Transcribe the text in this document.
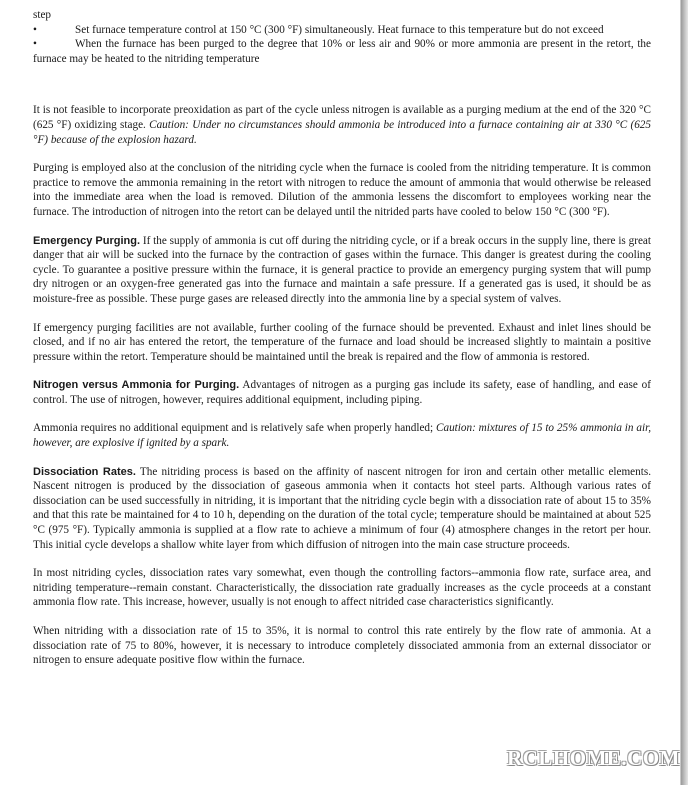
step

•	Set furnace temperature control at 150 °C (300 °F) simultaneously. Heat furnace to this temperature but do not exceed

•	When the furnace has been purged to the degree that 10% or less air and 90% or more ammonia are present in the retort, the furnace may be heated to the nitriding temperature

It is not feasible to incorporate preoxidation as part of the cycle unless nitrogen is available as a purging medium at the end of the 320 °C (625 °F) oxidizing stage. Caution: Under no circumstances should ammonia be introduced into a furnace containing air at 330 °C (625 °F) because of the explosion hazard.

Purging is employed also at the conclusion of the nitriding cycle when the furnace is cooled from the nitriding temperature. It is common practice to remove the ammonia remaining in the retort with nitrogen to reduce the amount of ammonia that would otherwise be released into the immediate area when the load is removed. Dilution of the ammonia lessens the discomfort to employees working near the furnace. The introduction of nitrogen into the retort can be delayed until the nitrided parts have cooled to below 150 °C (300 °F).

Emergency Purging. If the supply of ammonia is cut off during the nitriding cycle, or if a break occurs in the supply line, there is great danger that air will be sucked into the furnace by the contraction of gases within the furnace. This danger is greatest during the cooling cycle. To guarantee a positive pressure within the furnace, it is general practice to provide an emergency purging system that will pump dry nitrogen or an oxygen-free generated gas into the furnace and maintain a safe pressure. If a generated gas is used, it should be as moisture-free as possible. These purge gases are released directly into the ammonia line by a special system of valves.

If emergency purging facilities are not available, further cooling of the furnace should be prevented. Exhaust and inlet lines should be closed, and if no air has entered the retort, the temperature of the furnace and load should be increased slightly to maintain a positive pressure within the retort. Temperature should be maintained until the break is repaired and the flow of ammonia is restored.

Nitrogen versus Ammonia for Purging. Advantages of nitrogen as a purging gas include its safety, ease of handling, and ease of control. The use of nitrogen, however, requires additional equipment, including piping.

Ammonia requires no additional equipment and is relatively safe when properly handled; Caution: mixtures of 15 to 25% ammonia in air, however, are explosive if ignited by a spark.

Dissociation Rates. The nitriding process is based on the affinity of nascent nitrogen for iron and certain other metallic elements. Nascent nitrogen is produced by the dissociation of gaseous ammonia when it contacts hot steel parts. Although various rates of dissociation can be used successfully in nitriding, it is important that the nitriding cycle begin with a dissociation rate of about 15 to 35% and that this rate be maintained for 4 to 10 h, depending on the duration of the total cycle; temperature should be maintained at about 525 °C (975 °F). Typically ammonia is supplied at a flow rate to achieve a minimum of four (4) atmosphere changes in the retort per hour. This initial cycle develops a shallow white layer from which diffusion of nitrogen into the main case structure proceeds.

In most nitriding cycles, dissociation rates vary somewhat, even though the controlling factors--ammonia flow rate, surface area, and nitriding temperature--remain constant. Characteristically, the dissociation rate gradually increases as the cycle proceeds at a constant ammonia flow rate. This increase, however, usually is not enough to affect nitrided case characteristics significantly.

When nitriding with a dissociation rate of 15 to 35%, it is normal to control this rate entirely by the flow rate of ammonia. At a dissociation rate of 75 to 80%, however, it is necessary to introduce completely dissociated ammonia from an external dissociator or nitrogen to ensure adequate positive flow within the furnace.

RCLHOME.COM
